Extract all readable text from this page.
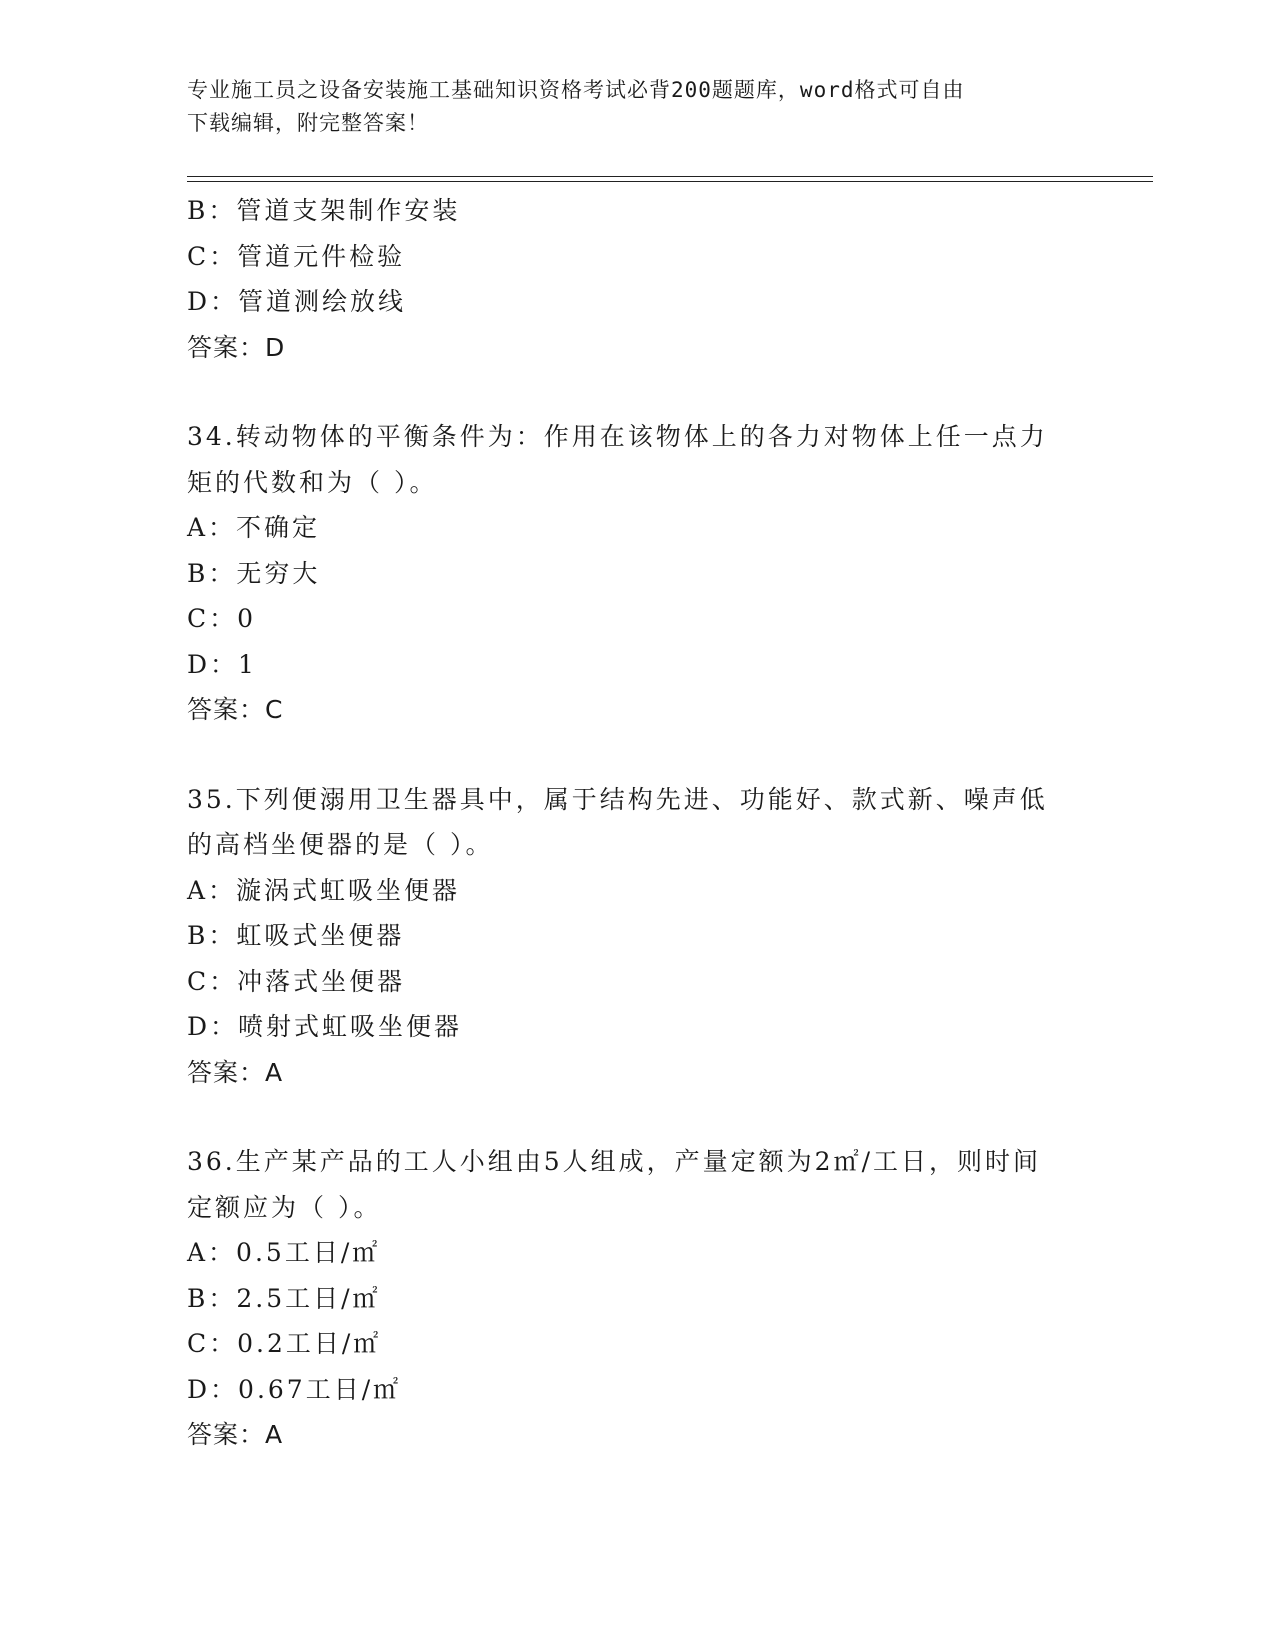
专业施工员之设备安装施工基础知识资格考试必背200题题库，word格式可自由
下载编辑，附完整答案！
B：管道支架制作安装
C：管道元件检验
D：管道测绘放线
答案：D
34.转动物体的平衡条件为：作用在该物体上的各力对物体上任一点力
矩的代数和为（ ）。
A：不确定
B：无穷大
C：0
D：1
答案：C
35.下列便溺用卫生器具中，属于结构先进、功能好、款式新、噪声低
的高档坐便器的是（ ）。
A：漩涡式虹吸坐便器
B：虹吸式坐便器
C：冲落式坐便器
D：喷射式虹吸坐便器
答案：A
36.生产某产品的工人小组由5人组成，产量定额为2㎡/工日，则时间
定额应为（ ）。
A：0.5工日/㎡
B：2.5工日/㎡
C：0.2工日/㎡
D：0.67工日/㎡
答案：A
